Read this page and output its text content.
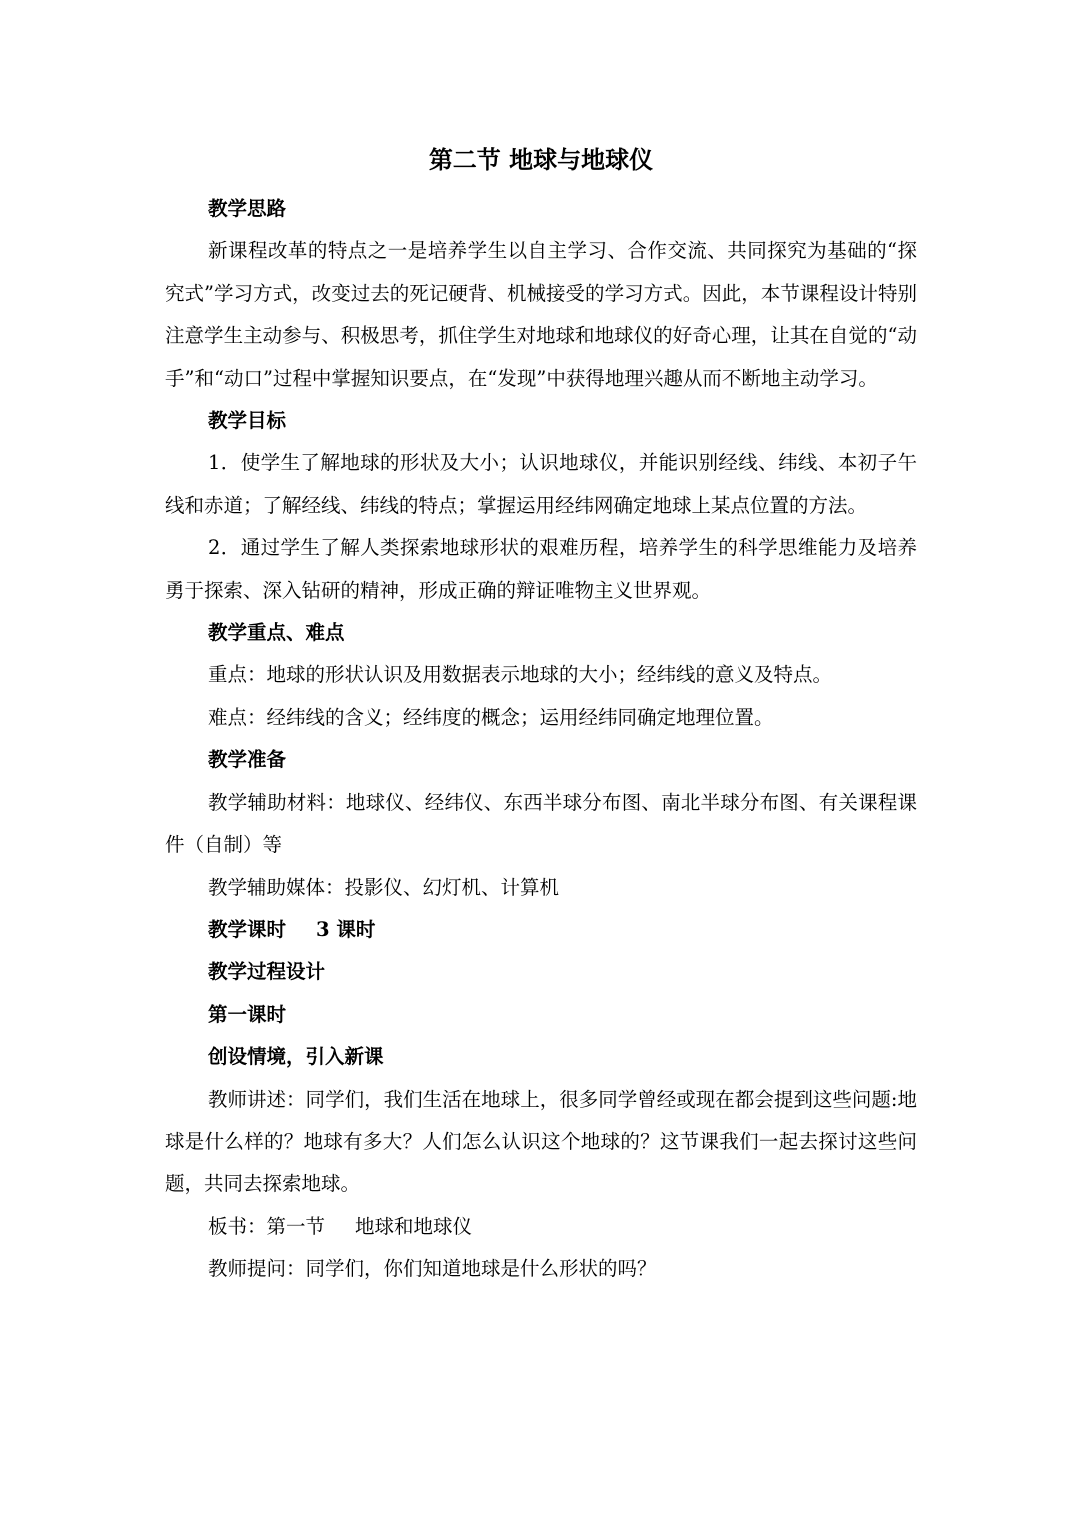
第二节 地球与地球仪
教学思路
新课程改革的特点之一是培养学生以自主学习、合作交流、共同探究为基础的“探究式”学习方式，改变过去的死记硬背、机械接受的学习方式。因此，本节课程设计特别注意学生主动参与、积极思考，抓住学生对地球和地球仪的好奇心理，让其在自觉的“动手”和“动口”过程中掌握知识要点，在“发现”中获得地理兴趣从而不断地主动学习。
教学目标
1．使学生了解地球的形状及大小；认识地球仪，并能识别经线、纬线、本初子午线和赤道；了解经线、纬线的特点；掌握运用经纬网确定地球上某点位置的方法。
2．通过学生了解人类探索地球形状的艰难历程，培养学生的科学思维能力及培养勇于探索、深入钻研的精神，形成正确的辩证唯物主义世界观。
教学重点、难点
重点：地球的形状认识及用数据表示地球的大小；经纬线的意义及特点。
难点：经纬线的含义；经纬度的概念；运用经纬同确定地理位置。
教学准备
教学辅助材料：地球仪、经纬仪、东西半球分布图、南北半球分布图、有关课程课件（自制）等
教学辅助媒体：投影仪、幻灯机、计算机
教学课时 3 课时
教学过程设计
第一课时
创设情境，引入新课
教师讲述：同学们，我们生活在地球上，很多同学曾经或现在都会提到这些问题:地球是什么样的？地球有多大？人们怎么认识这个地球的？这节课我们一起去探讨这些问题，共同去探索地球。
板书：第一节 地球和地球仪
教师提问：同学们，你们知道地球是什么形状的吗？
